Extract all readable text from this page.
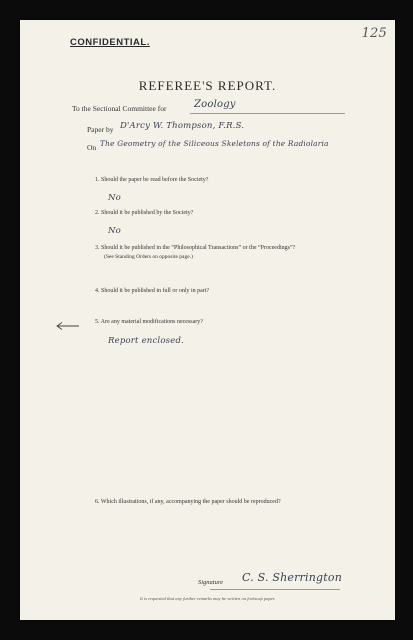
125
CONFIDENTIAL.
REFEREE'S REPORT.
To the Sectional Committee for	Zoology
Paper by D'Arcy W. Thompson, F.R.S.
On The Geometry of the Siliceous Skeletons of the Radiolaria
1. Should the paper be read before the Society?
No
2. Should it be published by the Society?
No
3. Should it be published in the “Philosophical Transactions” or the “Proceedings”?
(See Standing Orders on opposite page.)
4. Should it be published in full or only in part?
5. Are any material modifications necessary?
Report enclosed.
6. Which illustrations, if any, accompanying the paper should be reproduced?
Signature C. S. Sherrington
It is requested that any further remarks may be written on foolscap paper.
